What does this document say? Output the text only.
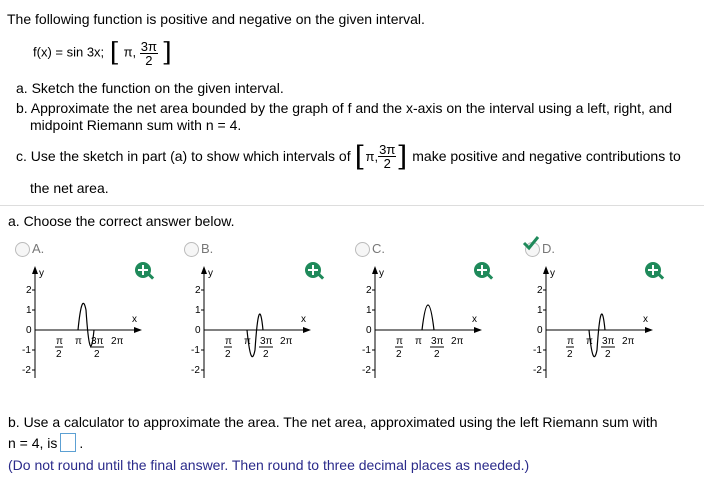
The following function is positive and negative on the given interval.
f(x) = sin 3x; [ π, $\frac{3\pi}{2}$ ]
a. Sketch the function on the given interval.
b. Approximate the net area bounded by the graph of f and the x-axis on the interval using a left, right, and
midpoint Riemann sum with n = 4.
c. Use the sketch in part (a) to show which intervals of [ π, $\frac{3\pi}{2}$ ] make positive and negative contributions to
the net area.
a. Choose the correct answer below.
A.	B.	C.	D.
2
1
0
-1
-2
y
x
π
2
π 3π
2
2π
2
1
0
-1
-2
y
x
π
2
π 3π
2
2π
2
1
0
-1
-2
y
x
π
2
π 3π
2
2π
2
1
0
-1
-2
y
x
π
2
π 3π
2
2π
b. Use a calculator to approximate the area. The net area, approximated using the left Riemann sum with
n = 4, is .
(Do not round until the final answer. Then round to three decimal places as needed.)
